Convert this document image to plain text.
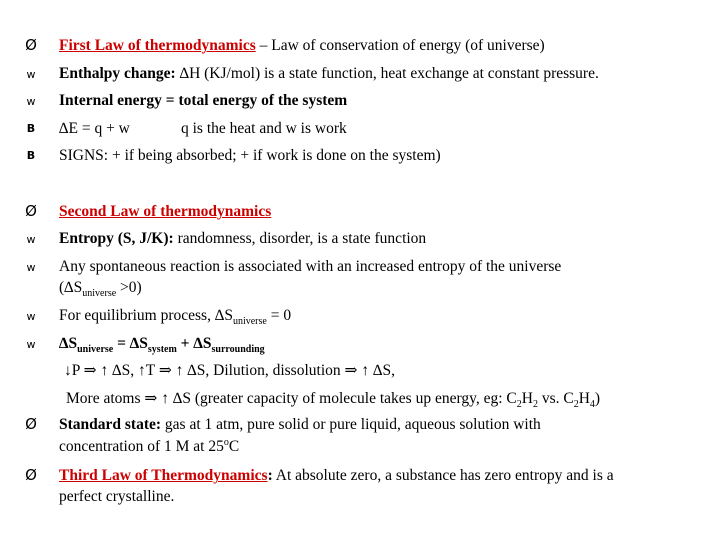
Ø First Law of thermodynamics – Law of conservation of energy (of universe)
w Enthalpy change: ∆H (KJ/mol) is a state function, heat exchange at constant pressure.
w Internal energy = total energy of the system
B	∆E = q + w	q is the heat and w is work
B	SIGNS: + if being absorbed; + if work is done on the system)
Ø Second Law of thermodynamics
w Entropy (S, J/K): randomness, disorder, is a state function
w Any spontaneous reaction is associated with an increased entropy of the universe
$(\Delta S_{universe} >0)$
w For equilibrium process, $\Delta S_{universe} = 0$
w $\Delta S_{universe} = \Delta S_{system} + \Delta S_{surrounding}$
↓P ⇒ ↑ ∆S, ↑T ⇒ ↑ ∆S, Dilution, dissolution ⇒ ↑ ∆S,
More atoms ⇒ ↑ ∆S (greater capacity of molecule takes up energy, eg: $C_2H_2$ vs. $C_2H_4$)
Ø Standard state: gas at 1 atm, pure solid or pure liquid, aqueous solution with
concentration of 1 M at 25$^o$C
Ø Third Law of Thermodynamics: At absolute zero, a substance has zero entropy and is a
perfect crystalline.
